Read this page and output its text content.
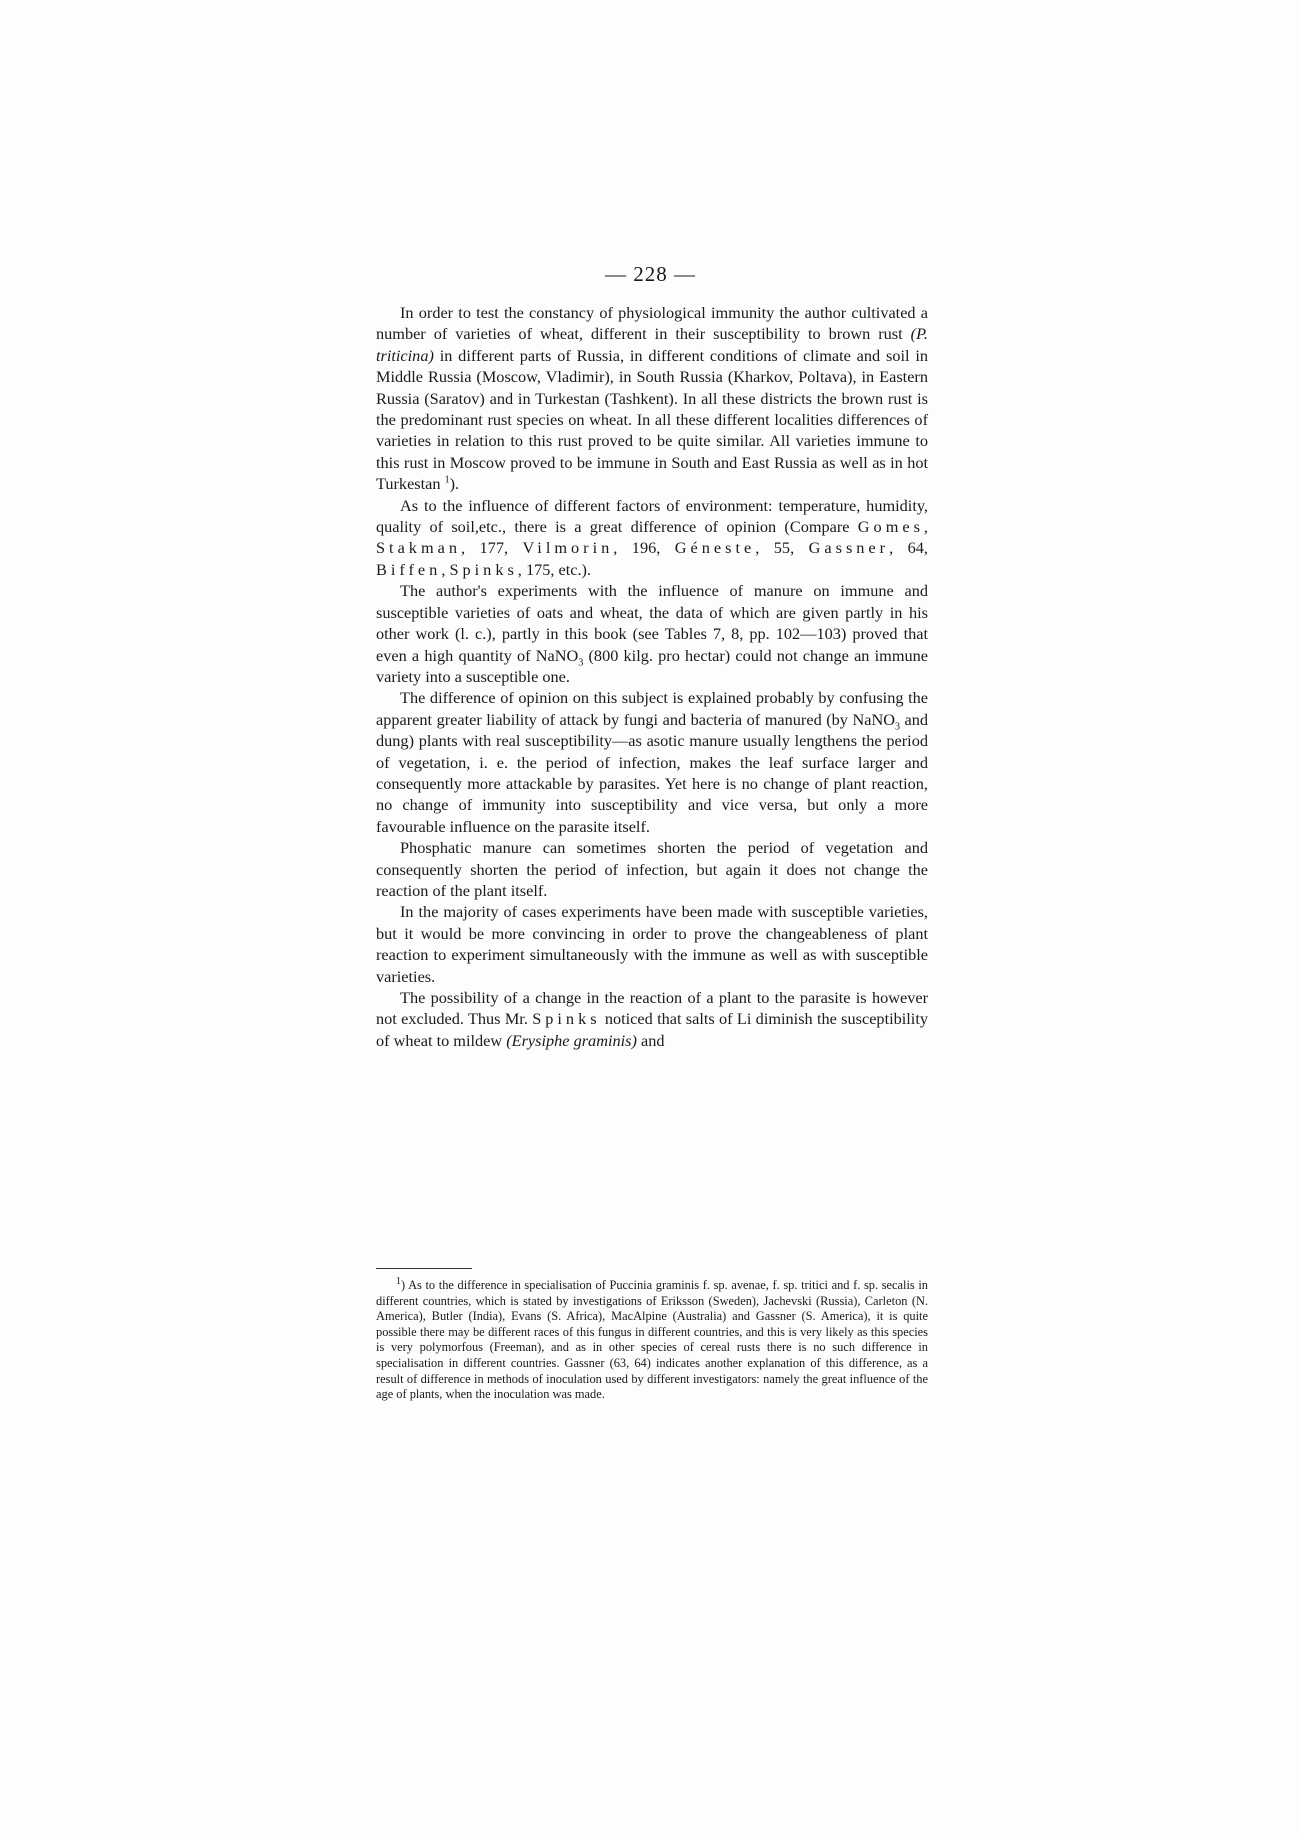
— 228 —

In order to test the constancy of physiological immunity the author cultivated a number of varieties of wheat, different in their susceptibility to brown rust (P. triticina) in different parts of Russia, in different conditions of climate and soil in Middle Russia (Moscow, Vladimir), in South Russia (Kharkov, Poltava), in Eastern Russia (Saratov) and in Turkestan (Tashkent). In all these districts the brown rust is the predominant rust species on wheat. In all these different localities differences of varieties in relation to this rust proved to be quite similar. All varieties immune to this rust in Moscow proved to be immune in South and East Russia as well as in hot Turkestan $^1$).

As to the influence of different factors of environment: temperature, humidity, quality of soil,etc., there is a great difference of opinion (Compare Gomes, Stakman, 177, Vilmorin, 196, Géneste, 55, Gassner, 64, Biffen, Spinks, 175, etc.).

The author's experiments with the influence of manure on immune and susceptible varieties of oats and wheat, the data of which are given partly in his other work (l. c.), partly in this book (see Tables 7, 8, pp. 102—103) proved that even a high quantity of NaNO$_3$ (800 kilg. pro hectar) could not change an immune variety into a susceptible one.

The difference of opinion on this subject is explained probably by confusing the apparent greater liability of attack by fungi and bacteria of manured (by NaNO$_3$ and dung) plants with real susceptibility—as asotic manure usually lengthens the period of vegetation, i. e. the period of infection, makes the leaf surface larger and consequently more attackable by parasites. Yet here is no change of plant reaction, no change of immunity into susceptibility and vice versa, but only a more favourable influence on the parasite itself.

Phosphatic manure can sometimes shorten the period of vegetation and consequently shorten the period of infection, but again it does not change the reaction of the plant itself.

In the majority of cases experiments have been made with susceptible varieties, but it would be more convincing in order to prove the changeableness of plant reaction to experiment simultaneously with the immune as well as with susceptible varieties.

The possibility of a change in the reaction of a plant to the parasite is however not excluded. Thus Mr. Spinks noticed that salts of Li diminish the susceptibility of wheat to mildew (Erysiphe graminis) and

$^1$) As to the difference in specialisation of Puccinia graminis f. sp. avenae, f. sp. tritici and f. sp. secalis in different countries, which is stated by investigations of Eriksson (Sweden), Jachevski (Russia), Carleton (N. America), Butler (India), Evans (S. Africa), MacAlpine (Australia) and Gassner (S. America), it is quite possible there may be different races of this fungus in different countries, and this is very likely as this species is very polymorfous (Freeman), and as in other species of cereal rusts there is no such difference in specialisation in different countries. Gassner (63, 64) indicates another explanation of this difference, as a result of difference in methods of inoculation used by different investigators: namely the great influence of the age of plants, when the inoculation was made.
